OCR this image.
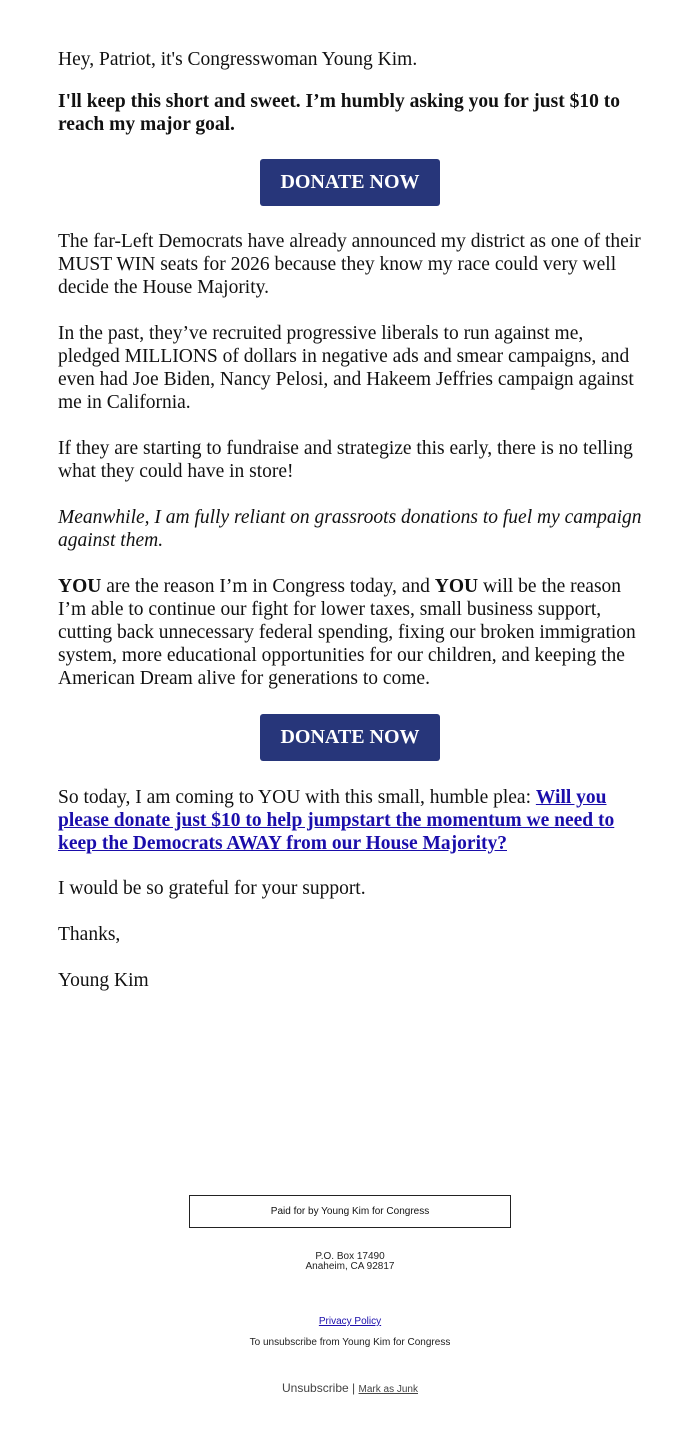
Hey, Patriot, it's Congresswoman Young Kim.

I'll keep this short and sweet. I’m humbly asking you for just $10 to reach my major goal.

DONATE NOW

The far-Left Democrats have already announced my district as one of their MUST WIN seats for 2026 because they know my race could very well decide the House Majority.

In the past, they’ve recruited progressive liberals to run against me, pledged MILLIONS of dollars in negative ads and smear campaigns, and even had Joe Biden, Nancy Pelosi, and Hakeem Jeffries campaign against me in California.

If they are starting to fundraise and strategize this early, there is no telling what they could have in store!

Meanwhile, I am fully reliant on grassroots donations to fuel my campaign against them.

YOU are the reason I’m in Congress today, and YOU will be the reason I’m able to continue our fight for lower taxes, small business support, cutting back unnecessary federal spending, fixing our broken immigration system, more educational opportunities for our children, and keeping the American Dream alive for generations to come.

DONATE NOW

So today, I am coming to YOU with this small, humble plea: Will you please donate just $10 to help jumpstart the momentum we need to keep the Democrats AWAY from our House Majority?

I would be so grateful for your support.

Thanks,

Young Kim

Paid for by Young Kim for Congress
P.O. Box 17490
Anaheim, CA 92817
Privacy Policy
To unsubscribe from Young Kim for Congress
Unsubscribe | Mark as Junk
